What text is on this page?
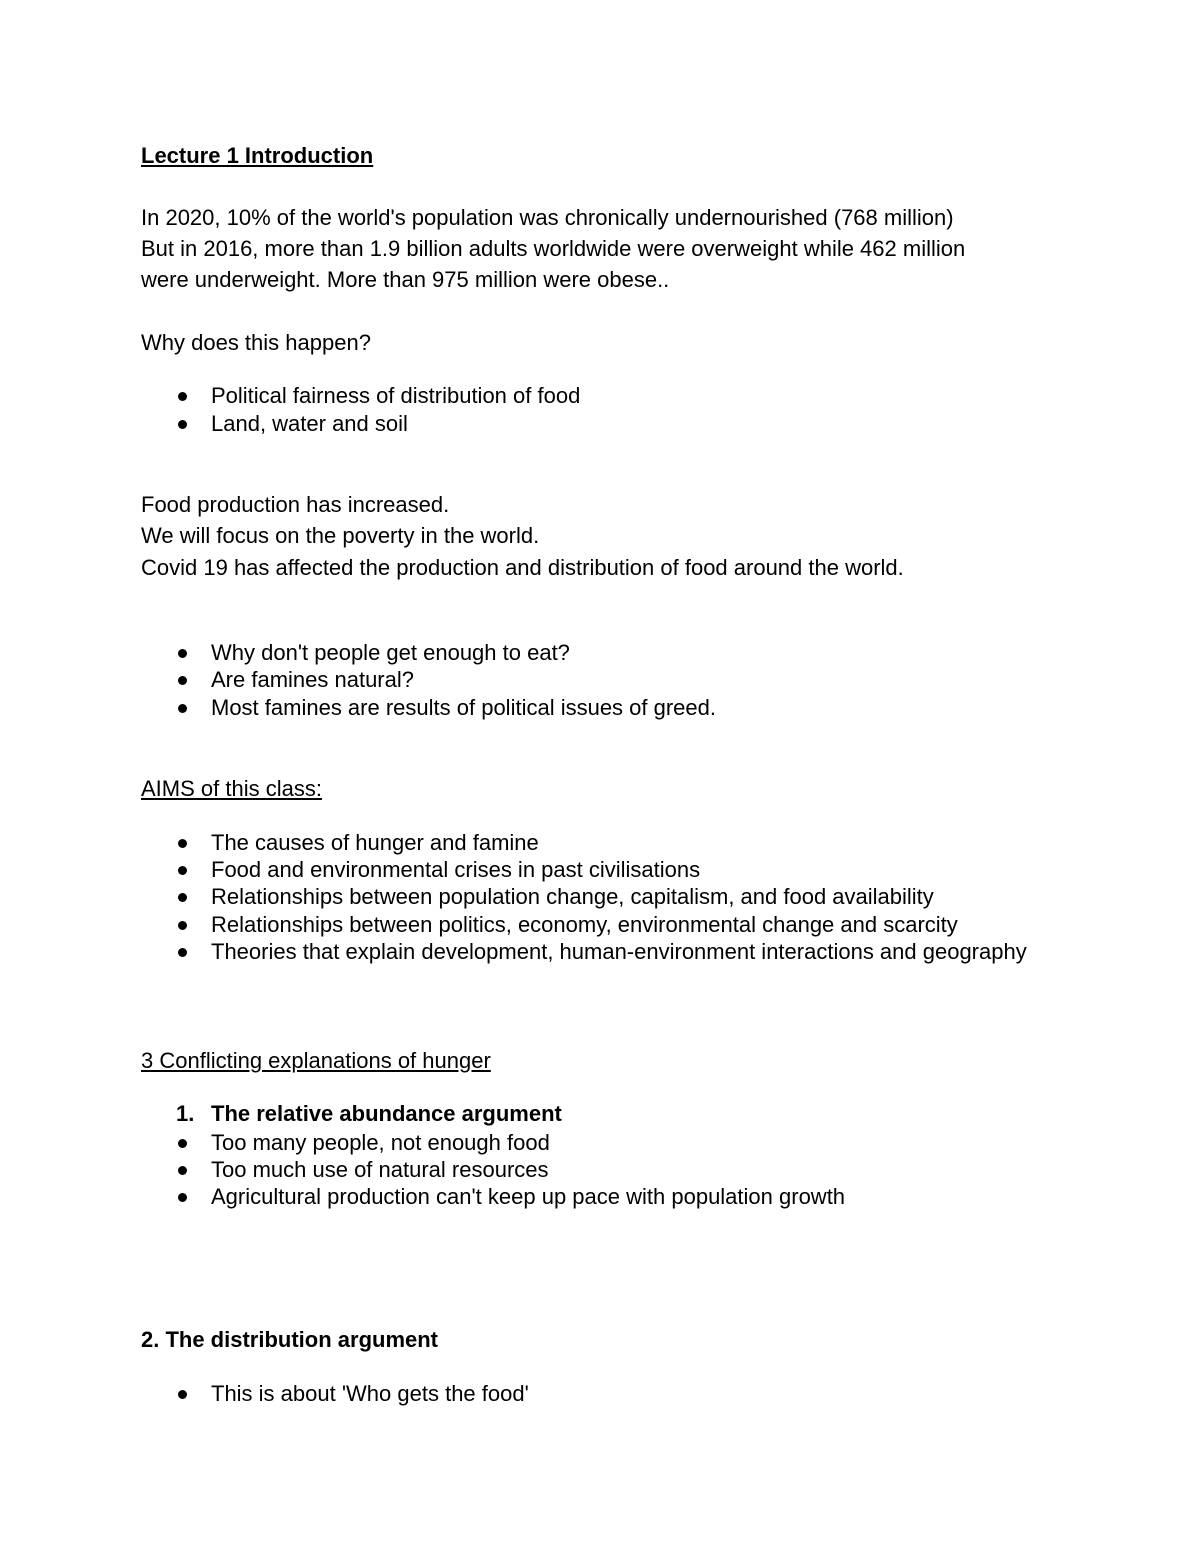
Lecture 1 Introduction

In 2020, 10% of the world's population was chronically undernourished (768 million)

But in 2016, more than 1.9 billion adults worldwide were overweight while 462 million

were underweight. More than 975 million were obese..

Why does this happen?

Political fairness of distribution of food

Land, water and soil

Food production has increased.

We will focus on the poverty in the world.

Covid 19 has affected the production and distribution of food around the world.

Why don't people get enough to eat?

Are famines natural?

Most famines are results of political issues of greed.

AIMS of this class:

The causes of hunger and famine

Food and environmental crises in past civilisations

Relationships between population change, capitalism, and food availability

Relationships between politics, economy, environmental change and scarcity

Theories that explain development, human-environment interactions and geography

3 Conflicting explanations of hunger

1. The relative abundance argument

Too many people, not enough food

Too much use of natural resources

Agricultural production can't keep up pace with population growth

2. The distribution argument

This is about 'Who gets the food'
